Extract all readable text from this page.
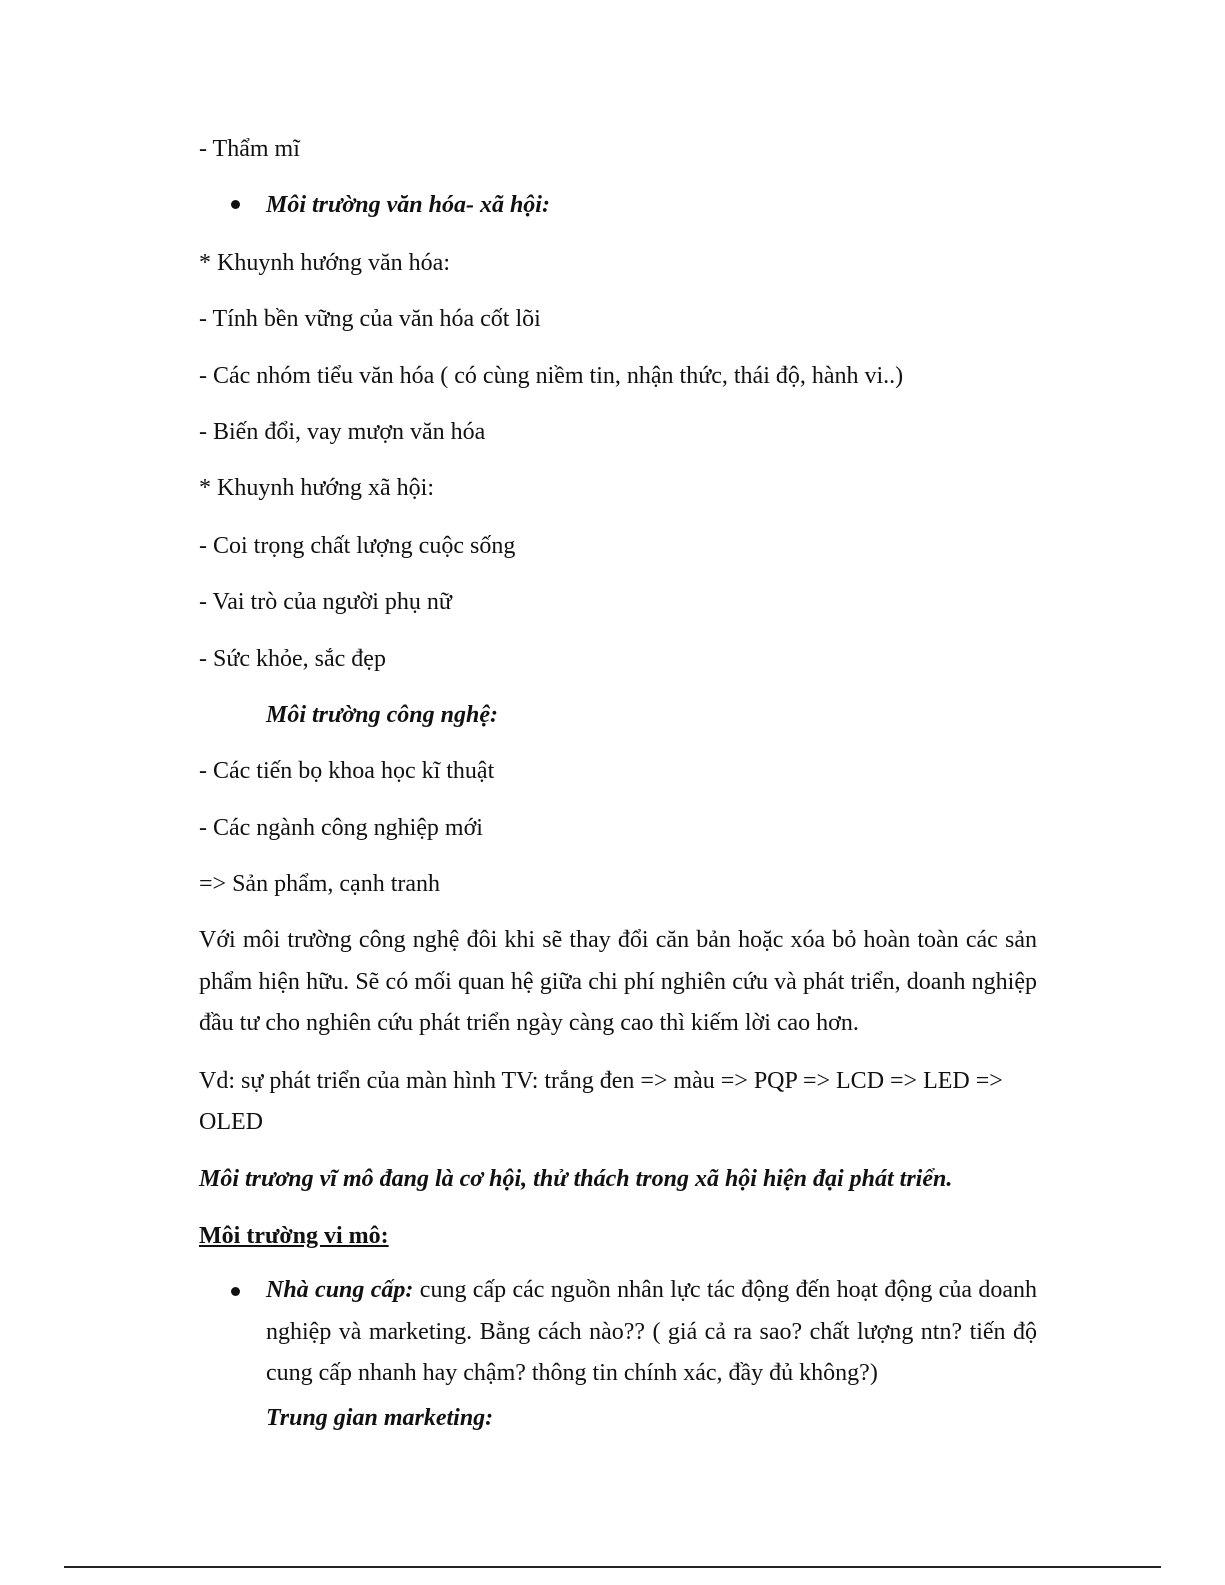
- Thẩm mĩ
Môi trường văn hóa- xã hội:
* Khuynh hướng văn hóa:
- Tính bền vững của văn hóa cốt lõi
- Các nhóm tiểu văn hóa ( có cùng niềm tin, nhận thức, thái độ, hành vi..)
- Biến đổi, vay mượn văn hóa
* Khuynh hướng xã hội:
- Coi trọng chất lượng cuộc sống
- Vai trò của người phụ nữ
- Sức khỏe, sắc đẹp
Môi trường công nghệ:
- Các tiến bọ khoa học kĩ thuật
- Các ngành công nghiệp mới
=> Sản phẩm, cạnh tranh
Với môi trường công nghệ đôi khi sẽ thay đổi căn bản hoặc xóa bỏ hoàn toàn các sản phẩm hiện hữu. Sẽ có mối quan hệ giữa chi phí nghiên cứu và phát triển, doanh nghiệp đầu tư cho nghiên cứu phát triển ngày càng cao thì kiếm lời cao hơn.
Vd: sự phát triển của màn hình TV: trắng đen => màu => PQP => LCD => LED =>
OLED
Môi trương vĩ mô đang là cơ hội, thử thách trong xã hội hiện đại phát triển.
Môi trường vi mô:
Nhà cung cấp: cung cấp các nguồn nhân lực tác động đến hoạt động của doanh nghiệp và marketing. Bằng cách nào?? ( giá cả ra sao? chất lượng ntn? tiến độ cung cấp nhanh hay chậm? thông tin chính xác, đầy đủ không?)
Trung gian marketing:
